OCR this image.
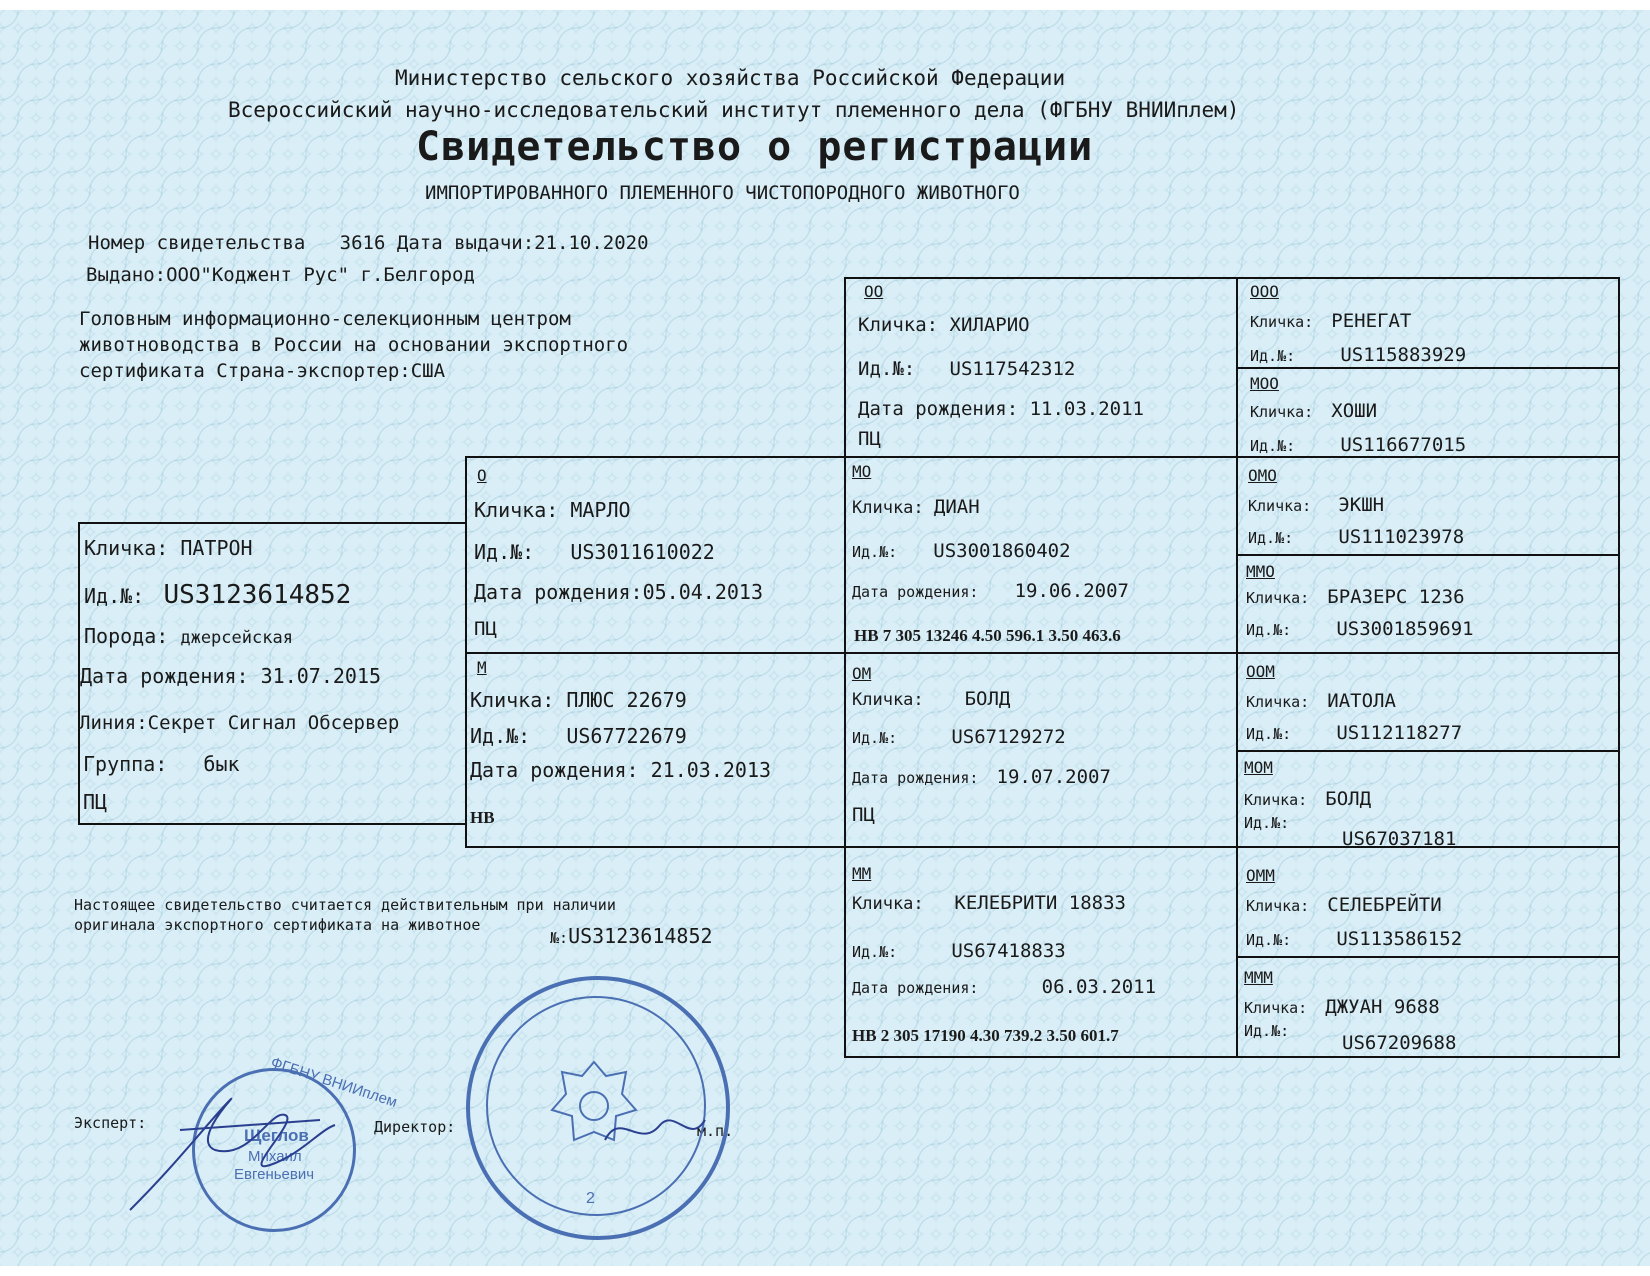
Министерство сельского хозяйства Российской Федерации
Всероссийский научно-исследовательский институт племенного дела (ФГБНУ ВНИИплем)
Свидетельство о регистрации
ИМПОРТИРОВАННОГО ПЛЕМЕННОГО ЧИСТОПОРОДНОГО ЖИВОТНОГО
Номер свидетельства 3616 Дата выдачи:21.10.2020
Выдано:ООО"Коджент Рус" г.Белгород
Головным информационно-селекционным центром
животноводства в России на основании экспортного
сертификата Страна-экспортер:США
Кличка: ПАТРОН
Ид.№: US3123614852
Порода: джерсейская
Дата рождения: 31.07.2015
Линия:Секрет Сигнал Обсервер
Группа: бык
ПЦ
О
Кличка: МАРЛО
Ид.№: US3011610022
Дата рождения:05.04.2013
ПЦ
М
Кличка: ПЛЮС 22679
Ид.№: US67722679
Дата рождения: 21.03.2013
НВ
ОО
Кличка: ХИЛАРИО
Ид.№: US117542312
Дата рождения: 11.03.2011
ПЦ
МО
Кличка: ДИАН
Ид.№: US3001860402
Дата рождения: 19.06.2007
НВ 7 305 13246 4.50 596.1 3.50 463.6
ОМ
Кличка: БОЛД
Ид.№:	US67129272
Дата рождения: 19.07.2007
ПЦ
ММ
Кличка: КЕЛЕБРИТИ 18833
Ид.№:	US67418833
Дата рождения:	06.03.2011
НВ 2 305 17190 4.30 739.2 3.50 601.7
ООО
Кличка: РЕНЕГАТ
Ид.№: US115883929
МОО
Кличка: ХОШИ
Ид.№: US116677015
ОМО
Кличка: ЭКШН
Ид.№: US111023978
ММО
Кличка: БРАЗЕРС 1236
Ид.№: US3001859691
ООМ
Кличка: ИАТОЛА
Ид.№: US112118277
МОМ
Кличка: БОЛД
Ид.№:
US67037181
ОММ
Кличка: СЕЛЕБРЕЙТИ
Ид.№: US113586152
МММ
Кличка: ДЖУАН 9688
Ид.№:
US67209688
Настоящее свидетельство считается действительным при наличии
оригинала экспортного сертификата на животное
№:US3123614852
Эксперт:	Директор:	м.п.
ФГБНУ ВНИИплем
Щеглов
Михаил
Евгеньевич
2
